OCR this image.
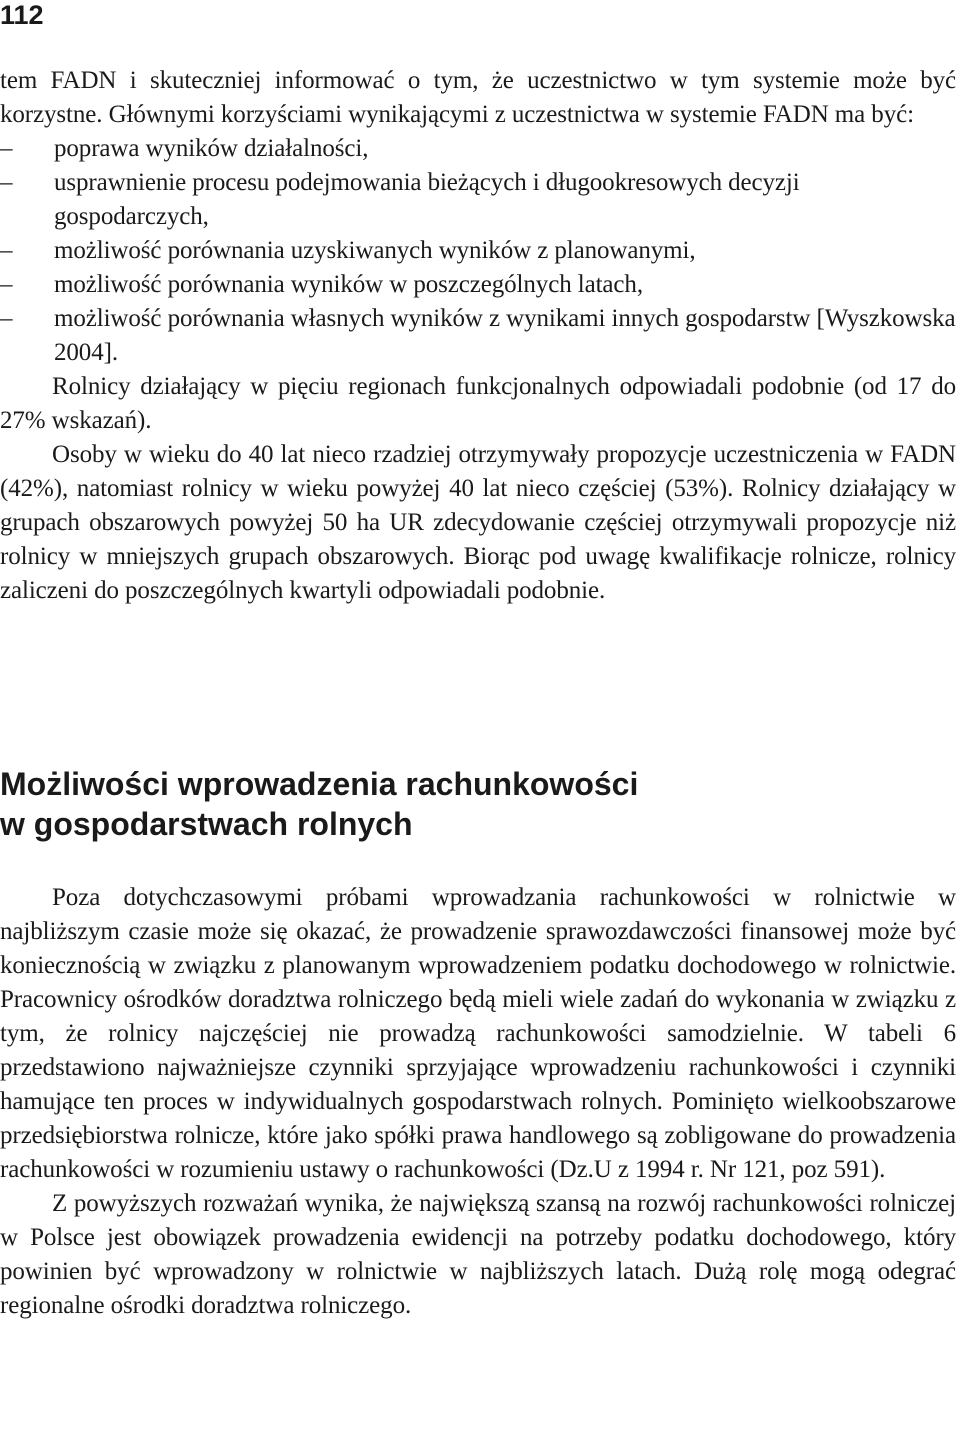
112

tem FADN i skuteczniej informować o tym, że uczestnictwo w tym systemie może być korzystne. Głównymi korzyściami wynikającymi z uczestnictwa w systemie FADN ma być:

– poprawa wyników działalności,
– usprawnienie procesu podejmowania bieżących i długookresowych decyzji gospodarczych,
– możliwość porównania uzyskiwanych wyników z planowanymi,
– możliwość porównania wyników w poszczególnych latach,
– możliwość porównania własnych wyników z wynikami innych gospodarstw [Wyszkowska 2004].

Rolnicy działający w pięciu regionach funkcjonalnych odpowiadali podobnie (od 17 do 27% wskazań).

Osoby w wieku do 40 lat nieco rzadziej otrzymywały propozycje uczestniczenia w FADN (42%), natomiast rolnicy w wieku powyżej 40 lat nieco częściej (53%). Rolnicy działający w grupach obszarowych powyżej 50 ha UR zdecydowanie częściej otrzymywali propozycje niż rolnicy w mniejszych grupach obszarowych. Biorąc pod uwagę kwalifikacje rolnicze, rolnicy zaliczeni do poszczególnych kwartyli odpowiadali podobnie.

Możliwości wprowadzenia rachunkowości
w gospodarstwach rolnych

Poza dotychczasowymi próbami wprowadzania rachunkowości w rolnictwie w najbliższym czasie może się okazać, że prowadzenie sprawozdawczości finansowej może być koniecznością w związku z planowanym wprowadzeniem podatku dochodowego w rolnictwie. Pracownicy ośrodków doradztwa rolniczego będą mieli wiele zadań do wykonania w związku z tym, że rolnicy najczęściej nie prowadzą rachunkowości samodzielnie. W tabeli 6 przedstawiono najważniejsze czynniki sprzyjające wprowadzeniu rachunkowości i czynniki hamujące ten proces w indywidualnych gospodarstwach rolnych. Pominięto wielkoobszarowe przedsiębiorstwa rolnicze, które jako spółki prawa handlowego są zobligowane do prowadzenia rachunkowości w rozumieniu ustawy o rachunkowości (Dz.U z 1994 r. Nr 121, poz 591).

Z powyższych rozważań wynika, że największą szansą na rozwój rachunkowości rolniczej w Polsce jest obowiązek prowadzenia ewidencji na potrzeby podatku dochodowego, który powinien być wprowadzony w rolnictwie w najbliższych latach. Dużą rolę mogą odegrać regionalne ośrodki doradztwa rolniczego.
